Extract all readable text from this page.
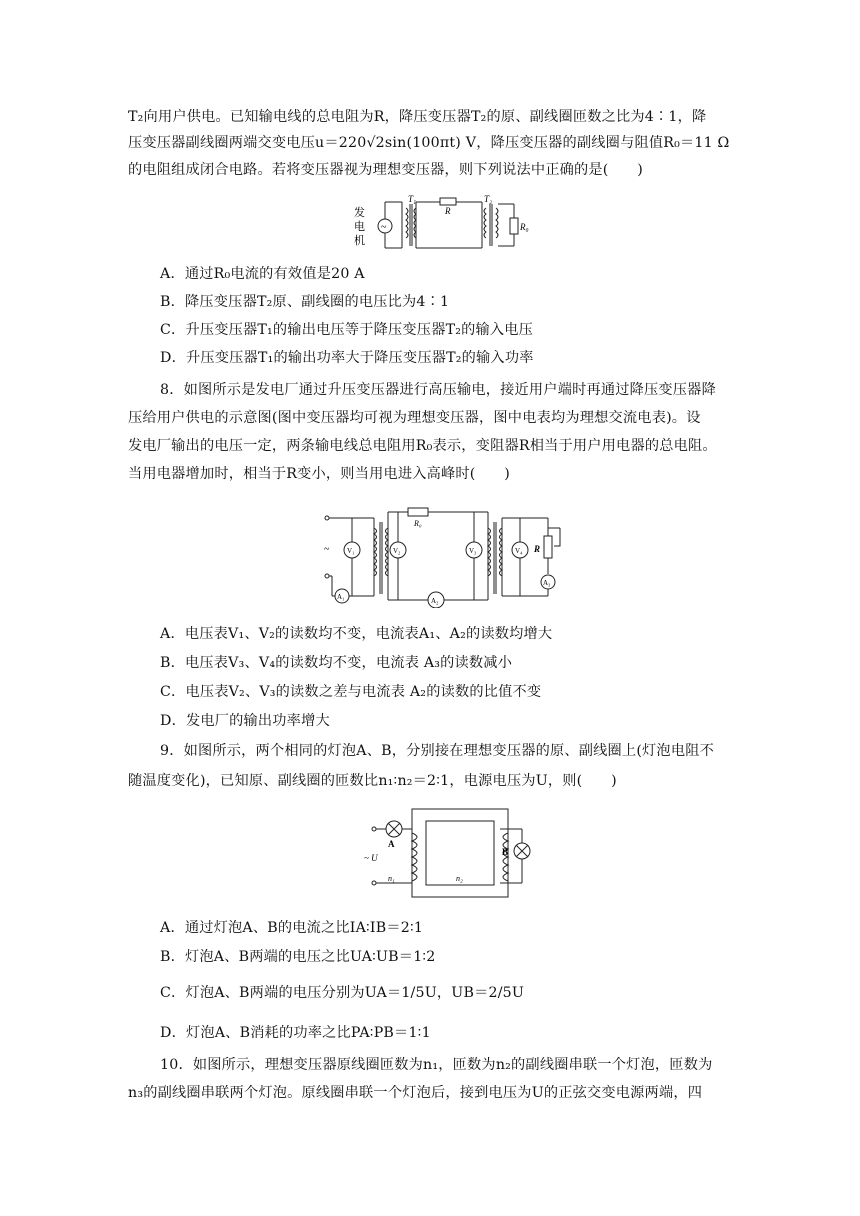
T₂向用户供电。已知输电线的总电阻为R，降压变压器T₂的原、副线圈匝数之比为4∶1，降
压变压器副线圈两端交变电压u＝220√2sin(100πt) V，降压变压器的副线圈与阻值R₀＝11 Ω
的电阻组成闭合电路。若将变压器视为理想变压器，则下列说法中正确的是(　　)
发
电
机
~
T₁
R
T₂
R₀
A．通过R₀电流的有效值是20 A
B．降压变压器T₂原、副线圈的电压比为4∶1
C．升压变压器T₁的输出电压等于降压变压器T₂的输入电压
D．升压变压器T₁的输出功率大于降压变压器T₂的输入功率
8．如图所示是发电厂通过升压变压器进行高压输电，接近用户端时再通过降压变压器降
压给用户供电的示意图(图中变压器均可视为理想变压器，图中电表均为理想交流电表)。设
发电厂输出的电压一定，两条输电线总电阻用R₀表示，变阻器R相当于用户用电器的总电阻。
当用电器增加时，相当于R变小，则当用电进入高峰时(　　)
~
R₀
V₁	V₂	V₃	V₄
A₁	A₂
A₃
R
A．电压表V₁、V₂的读数均不变，电流表A₁、A₂的读数均增大
B．电压表V₃、V₄的读数均不变，电流表 A₃的读数减小
C．电压表V₂、V₃的读数之差与电流表 A₂的读数的比值不变
D．发电厂的输出功率增大
9．如图所示，两个相同的灯泡A、B，分别接在理想变压器的原、副线圈上(灯泡电阻不
随温度变化)，已知原、副线圈的匝数比n₁∶n₂＝2∶1，电源电压为U，则(　　)
A
B
~ U
n₁	n₂
A．通过灯泡A、B的电流之比IA∶IB＝2∶1
B．灯泡A、B两端的电压之比UA∶UB＝1∶2
C．灯泡A、B两端的电压分别为UA＝1/5U，UB＝2/5U
D．灯泡A、B消耗的功率之比PA∶PB＝1∶1
10．如图所示，理想变压器原线圈匝数为n₁，匝数为n₂的副线圈串联一个灯泡，匝数为
n₃的副线圈串联两个灯泡。原线圈串联一个灯泡后，接到电压为U的正弦交变电源两端，四
